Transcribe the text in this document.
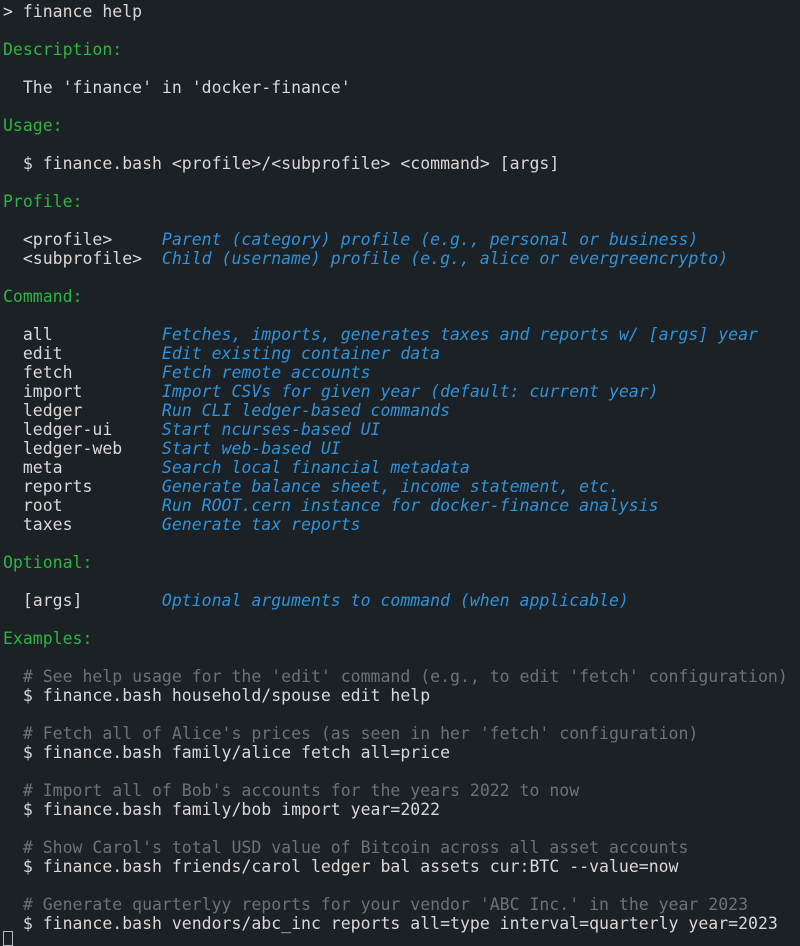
> finance help
Description:
The 'finance' in 'docker-finance'
Usage:
$ finance.bash <profile>/<subprofile> <command> [args]
Profile:
<profile>	Parent (category) profile (e.g., personal or business)
<subprofile> Child (username) profile (e.g., alice or evergreencrypto)
Command:
all	Fetches, imports, generates taxes and reports w/ [args] year
edit	Edit existing container data
fetch	Fetch remote accounts
import	Import CSVs for given year (default: current year)
ledger	Run CLI ledger-based commands
ledger-ui	Start ncurses-based UI
ledger-web Start web-based UI
meta	Search local financial metadata
reports	Generate balance sheet, income statement, etc.
root	Run ROOT.cern instance for docker-finance analysis
taxes	Generate tax reports
Optional:
[args]	Optional arguments to command (when applicable)
Examples:
# See help usage for the 'edit' command (e.g., to edit 'fetch' configuration)
$ finance.bash household/spouse edit help
# Fetch all of Alice's prices (as seen in her 'fetch' configuration)
$ finance.bash family/alice fetch all=price
# Import all of Bob's accounts for the years 2022 to now
$ finance.bash family/bob import year=2022
# Show Carol's total USD value of Bitcoin across all asset accounts
$ finance.bash friends/carol ledger bal assets cur:BTC --value=now
# Generate quarterlyy reports for your vendor 'ABC Inc.' in the year 2023
$ finance.bash vendors/abc_inc reports all=type interval=quarterly year=2023
